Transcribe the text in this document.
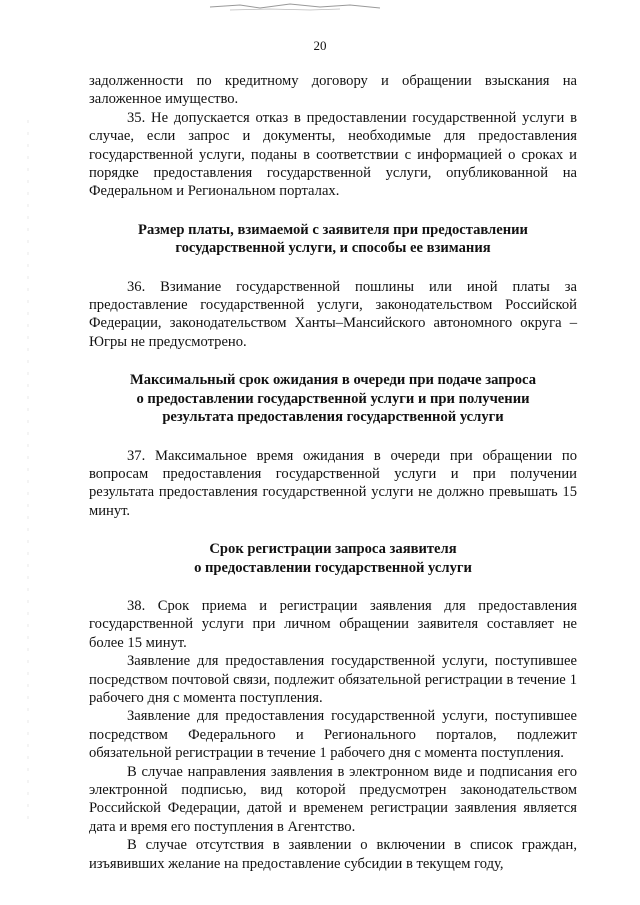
20

задолженности по кредитному договору и обращении взыскания на заложенное имущество.

35. Не допускается отказ в предоставлении государственной услуги в случае, если запрос и документы, необходимые для предоставления государственной услуги, поданы в соответствии с информацией о сроках и порядке предоставления государственной услуги, опубликованной на Федеральном и Региональном порталах.

Размер платы, взимаемой с заявителя при предоставлении
государственной услуги, и способы ее взимания

36. Взимание государственной пошлины или иной платы за предоставление государственной услуги, законодательством Российской Федерации, законодательством Ханты–Мансийского автономного округа – Югры не предусмотрено.

Максимальный срок ожидания в очереди при подаче запроса
о предоставлении государственной услуги и при получении
результата предоставления государственной услуги

37. Максимальное время ожидания в очереди при обращении по вопросам предоставления государственной услуги и при получении результата предоставления государственной услуги не должно превышать 15 минут.

Срок регистрации запроса заявителя
о предоставлении государственной услуги

38. Срок приема и регистрации заявления для предоставления государственной услуги при личном обращении заявителя составляет не более 15 минут.

Заявление для предоставления государственной услуги, поступившее посредством почтовой связи, подлежит обязательной регистрации в течение 1 рабочего дня с момента поступления.

Заявление для предоставления государственной услуги, поступившее посредством Федерального и Регионального порталов, подлежит обязательной регистрации в течение 1 рабочего дня с момента поступления.

В случае направления заявления в электронном виде и подписания его электронной подписью, вид которой предусмотрен законодательством Российской Федерации, датой и временем регистрации заявления является дата и время его поступления в Агентство.

В случае отсутствия в заявлении о включении в список граждан, изъявивших желание на предоставление субсидии в текущем году,
